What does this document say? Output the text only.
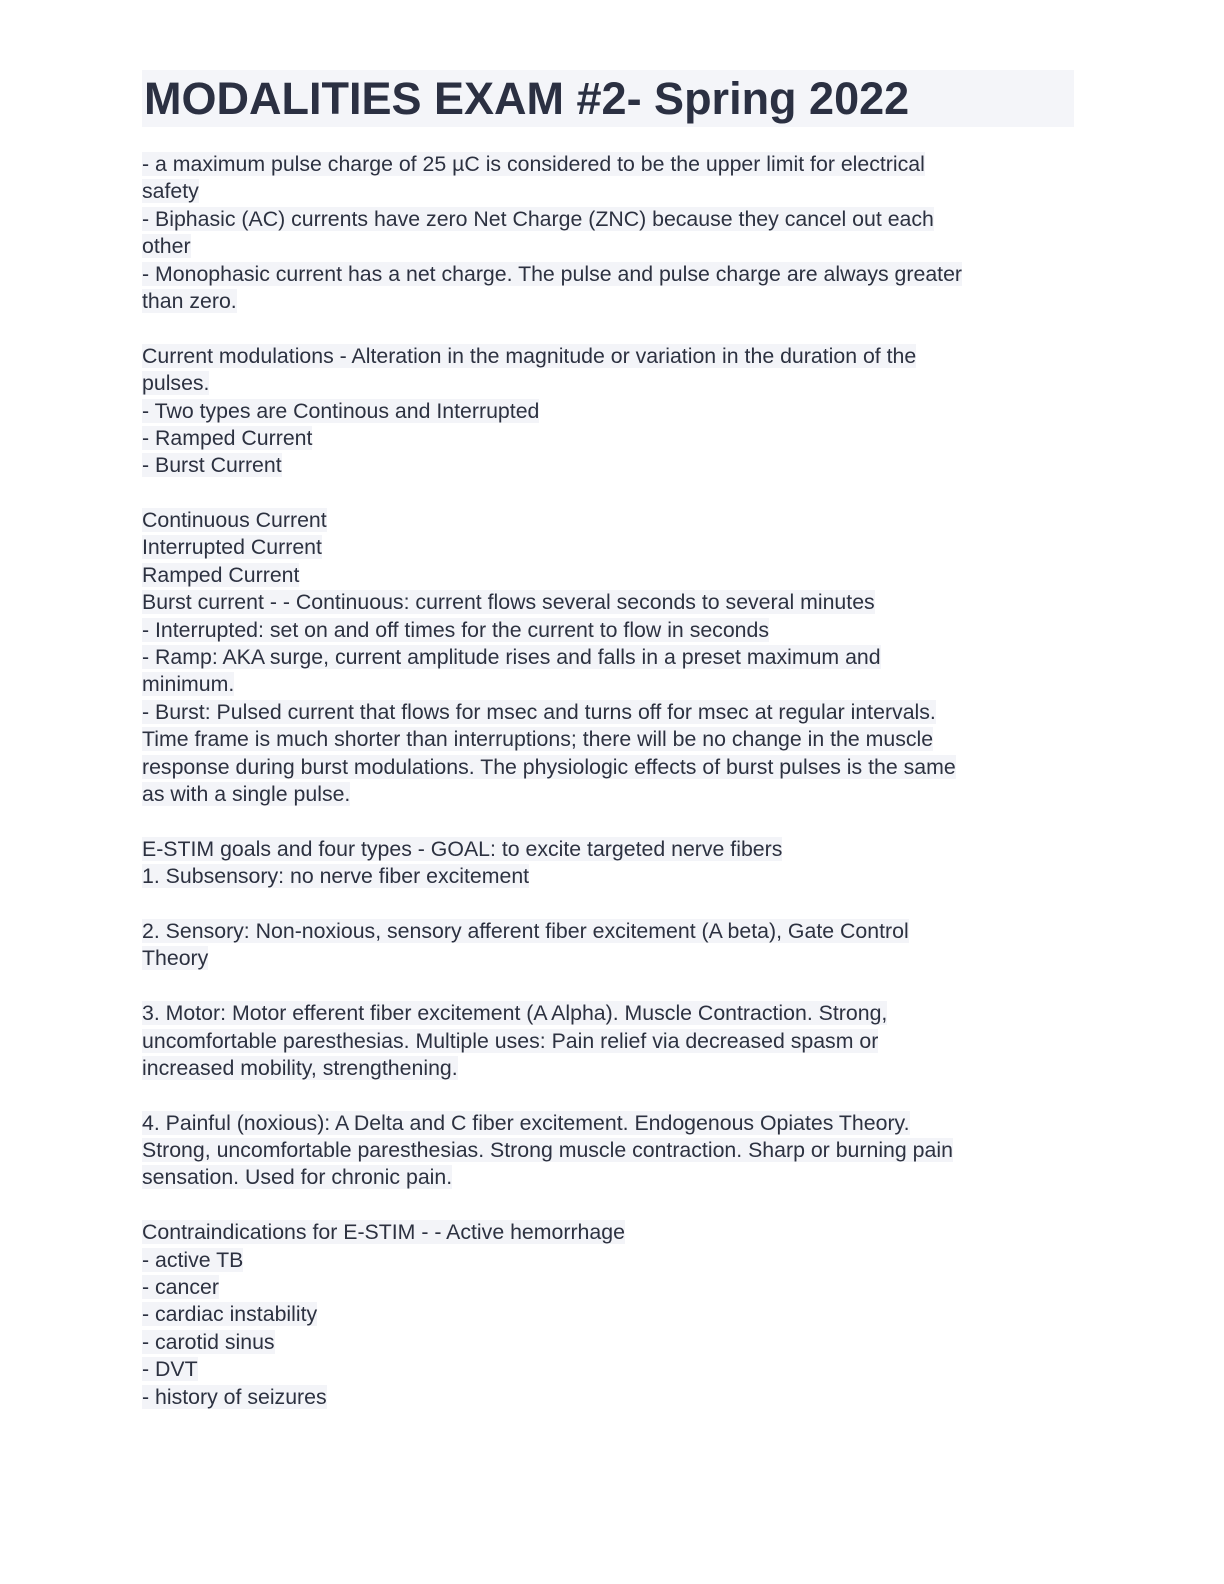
MODALITIES EXAM #2- Spring 2022
- a maximum pulse charge of 25 µC is considered to be the upper limit for electrical
safety
- Biphasic (AC) currents have zero Net Charge (ZNC) because they cancel out each
other
- Monophasic current has a net charge. The pulse and pulse charge are always greater
than zero.
Current modulations - Alteration in the magnitude or variation in the duration of the
pulses.
- Two types are Continous and Interrupted
- Ramped Current
- Burst Current
Continuous Current
Interrupted Current
Ramped Current
Burst current - - Continuous: current flows several seconds to several minutes
- Interrupted: set on and off times for the current to flow in seconds
- Ramp: AKA surge, current amplitude rises and falls in a preset maximum and
minimum.
- Burst: Pulsed current that flows for msec and turns off for msec at regular intervals.
Time frame is much shorter than interruptions; there will be no change in the muscle
response during burst modulations. The physiologic effects of burst pulses is the same
as with a single pulse.
E-STIM goals and four types - GOAL: to excite targeted nerve fibers
1. Subsensory: no nerve fiber excitement
2. Sensory: Non-noxious, sensory afferent fiber excitement (A beta), Gate Control
Theory
3. Motor: Motor efferent fiber excitement (A Alpha). Muscle Contraction. Strong,
uncomfortable paresthesias. Multiple uses: Pain relief via decreased spasm or
increased mobility, strengthening.
4. Painful (noxious): A Delta and C fiber excitement. Endogenous Opiates Theory.
Strong, uncomfortable paresthesias. Strong muscle contraction. Sharp or burning pain
sensation. Used for chronic pain.
Contraindications for E-STIM - - Active hemorrhage
- active TB
- cancer
- cardiac instability
- carotid sinus
- DVT
- history of seizures
